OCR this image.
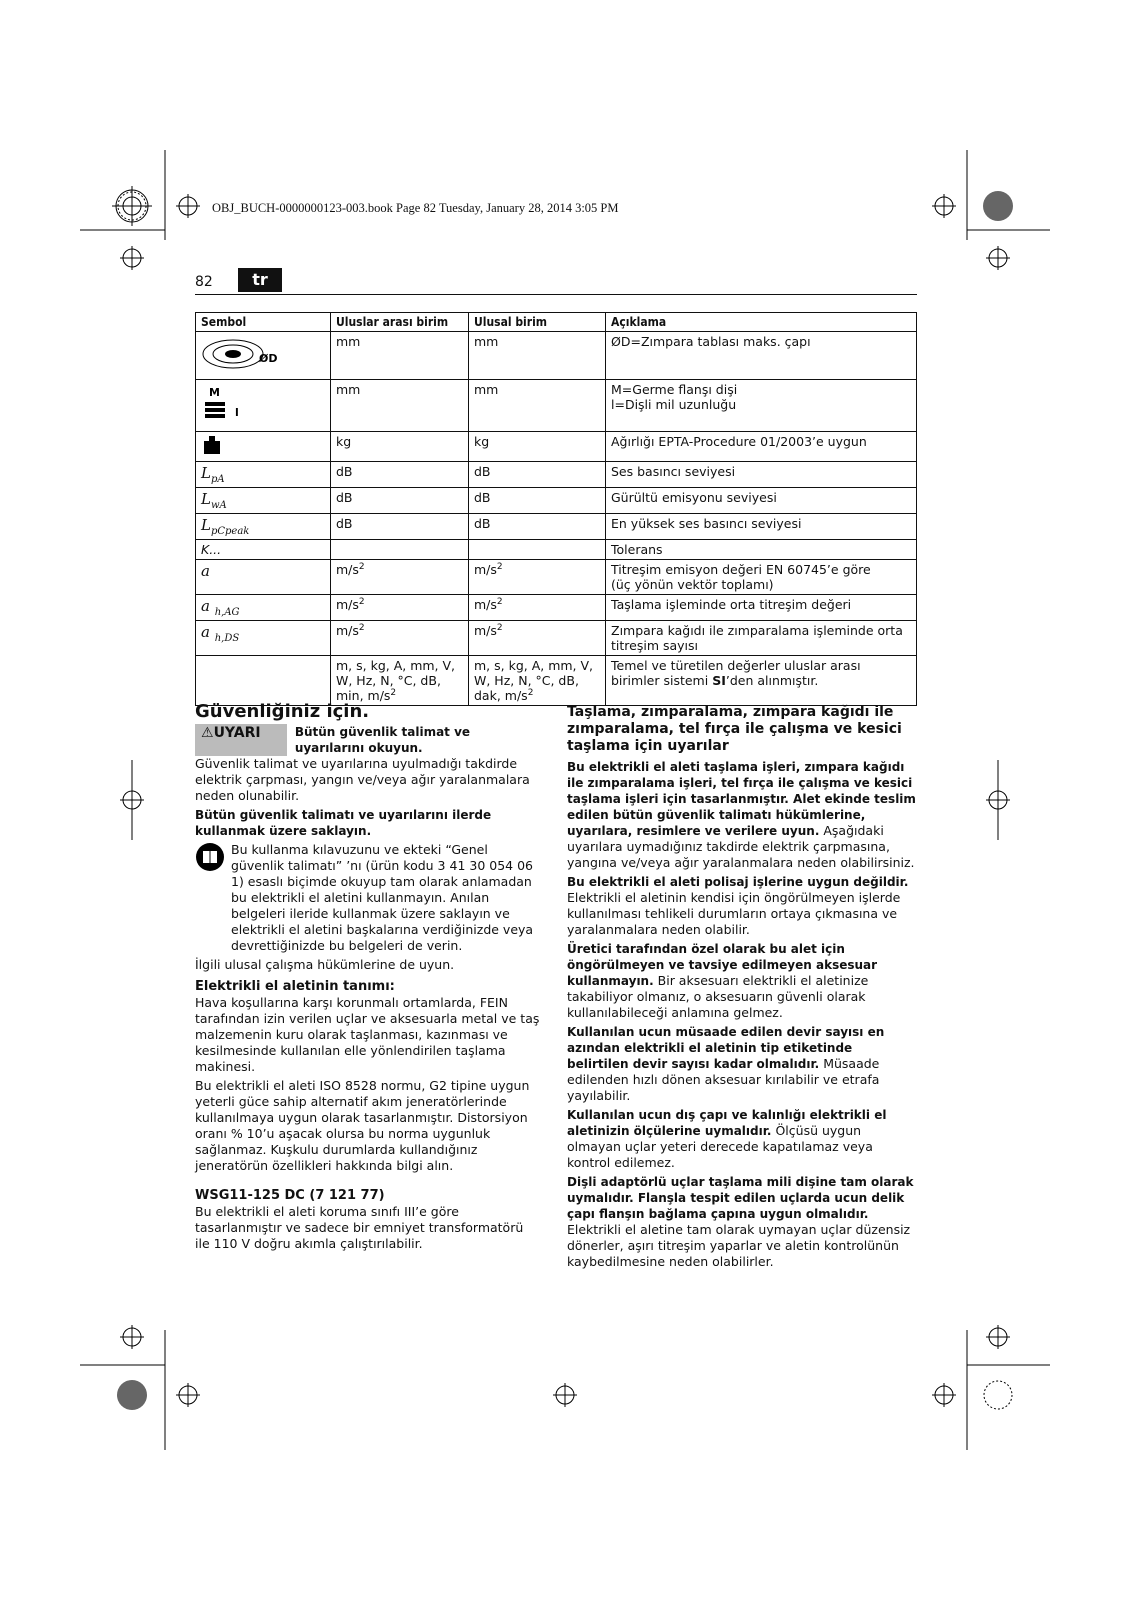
OBJ_BUCH-0000000123-003.book Page 82 Tuesday, January 28, 2014 3:05 PM
82	tr
Sembol	Uluslar arası birim	Ulusal birim	Açıklama

ØD	mm	mm	ØD=Zımpara tablası maks. çapı

M
l	mm	mm	M=Germe flanşı dişi
l=Dişli mil uzunluğu
	kg	kg	Ağırlığı EPTA-Procedure 01/2003’e uygun
$L_{pA}$	dB	dB	Ses basıncı seviyesi
$L_{wA}$	dB	dB	Gürültü emisyonu seviyesi
$L_{pCpeak}$	dB	dB	En yüksek ses basıncı seviyesi
K...			Tolerans
a	$m/s^2$	$m/s^2$	Titreşim emisyon değeri EN 60745’e göre
(üç yönün vektör toplamı)
a $_{h,AG}$	$m/s^2$	$m/s^2$	Taşlama işleminde orta titreşim değeri
a $_{h,DS}$	$m/s^2$	$m/s^2$	Zımpara kağıdı ile zımparalama işleminde orta titreşim sayısı
	m, s, kg, A, mm, V, W, Hz, N, °C, dB, min, $m/s^2$	m, s, kg, A, mm, V, W, Hz, N, °C, dB, dak, $m/s^2$	Temel ve türetilen değerler uluslar arası birimler sistemi SI’den alınmıştır.
Güvenliğiniz için.
⚠UYARI	Bütün güvenlik talimat ve uyarılarını okuyun.

Güvenlik talimat ve uyarılarına uyulmadığı takdirde elektrik çarpması, yangın ve/veya ağır yaralanmalara neden olunabilir.

Bütün güvenlik talimatı ve uyarılarını ilerde kullanmak üzere saklayın.

Bu kullanma kılavuzunu ve ekteki “Genel güvenlik talimatı” ’nı (ürün kodu 3 41 30 054 06 1) esaslı biçimde okuyup tam olarak anlamadan bu elektrikli el aletini kullanmayın. Anılan belgeleri ileride kullanmak üzere saklayın ve elektrikli el aletini başkalarına verdiğinizde veya devrettiğinizde bu belgeleri de verin.

İlgili ulusal çalışma hükümlerine de uyun.

Elektrikli el aletinin tanımı:

Hava koşullarına karşı korunmalı ortamlarda, FEIN tarafından izin verilen uçlar ve aksesuarla metal ve taş malzemenin kuru olarak taşlanması, kazınması ve kesilmesinde kullanılan elle yönlendirilen taşlama makinesi.

Bu elektrikli el aleti ISO 8528 normu, G2 tipine uygun yeterli güce sahip alternatif akım jeneratörlerinde kullanılmaya uygun olarak tasarlanmıştır. Distorsiyon oranı % 10’u aşacak olursa bu norma uygunluk sağlanmaz. Kuşkulu durumlarda kullandığınız jeneratörün özellikleri hakkında bilgi alın.

WSG11-125 DC (7 121 77)

Bu elektrikli el aleti koruma sınıfı III’e göre tasarlanmıştır ve sadece bir emniyet transformatörü ile 110 V doğru akımla çalıştırılabilir.

Taşlama, zımparalama, zımpara kağıdı ile zımparalama, tel fırça ile çalışma ve kesici taşlama için uyarılar

Bu elektrikli el aleti taşlama işleri, zımpara kağıdı ile zımparalama işleri, tel fırça ile çalışma ve kesici taşlama işleri için tasarlanmıştır. Alet ekinde teslim edilen bütün güvenlik talimatı hükümlerine, uyarılara, resimlere ve verilere uyun. Aşağıdaki uyarılara uymadığınız takdirde elektrik çarpmasına, yangına ve/veya ağır yaralanmalara neden olabilirsiniz.

Bu elektrikli el aleti polisaj işlerine uygun değildir. Elektrikli el aletinin kendisi için öngörülmeyen işlerde kullanılması tehlikeli durumların ortaya çıkmasına ve yaralanmalara neden olabilir.

Üretici tarafından özel olarak bu alet için öngörülmeyen ve tavsiye edilmeyen aksesuar kullanmayın. Bir aksesuarı elektrikli el aletinize takabiliyor olmanız, o aksesuarın güvenli olarak kullanılabileceği anlamına gelmez.

Kullanılan ucun müsaade edilen devir sayısı en azından elektrikli el aletinin tip etiketinde belirtilen devir sayısı kadar olmalıdır. Müsaade edilenden hızlı dönen aksesuar kırılabilir ve etrafa yayılabilir.

Kullanılan ucun dış çapı ve kalınlığı elektrikli el aletinizin ölçülerine uymalıdır. Ölçüsü uygun olmayan uçlar yeteri derecede kapatılamaz veya kontrol edilemez.

Dişli adaptörlü uçlar taşlama mili dişine tam olarak uymalıdır. Flanşla tespit edilen uçlarda ucun delik çapı flanşın bağlama çapına uygun olmalıdır. Elektrikli el aletine tam olarak uymayan uçlar düzensiz dönerler, aşırı titreşim yaparlar ve aletin kontrolünün kaybedilmesine neden olabilirler.
